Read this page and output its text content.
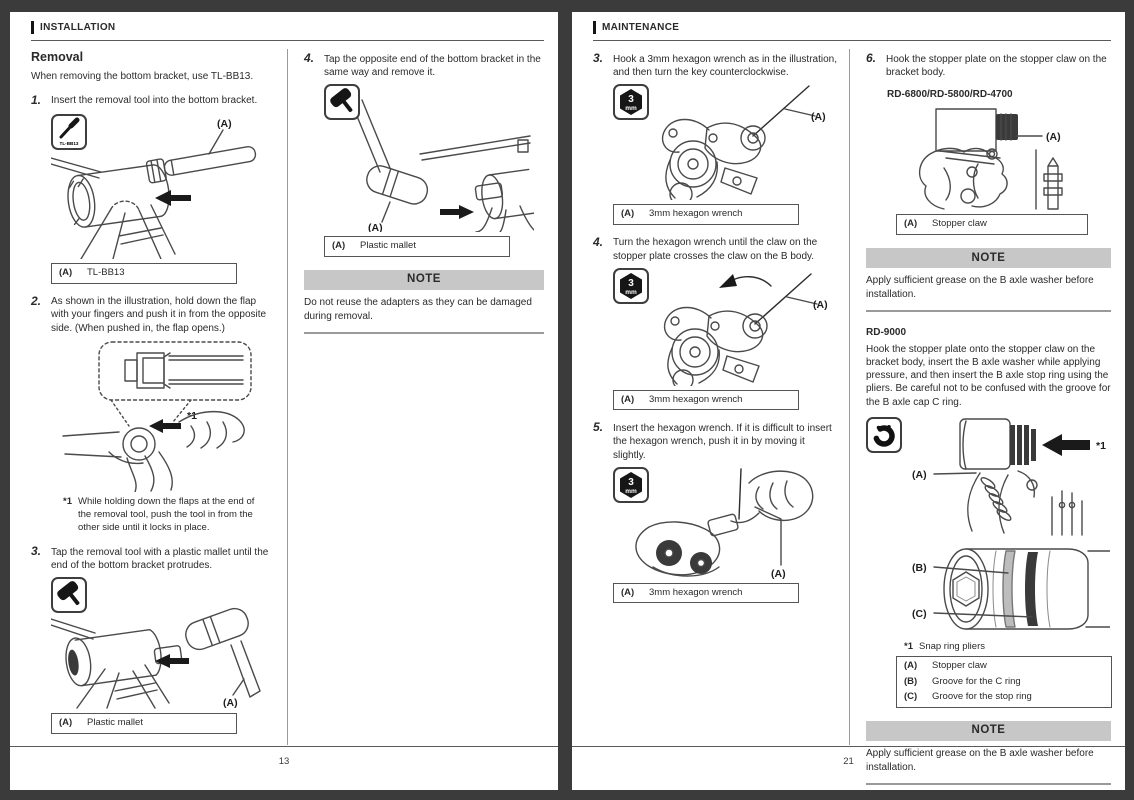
INSTALLATION
Removal
When removing the bottom bracket, use TL-BB13.
1. Insert the removal tool into the bottom bracket.
TL-BB13
(A)
(A)	TL-BB13
2. As shown in the illustration, hold down the flap with your fingers and push it in from the opposite side. (When pushed in, the flap opens.)
*1
*1 While holding down the flaps at the end of the removal tool, push the tool in from the other side until it locks in place.
3. Tap the removal tool with a plastic mallet until the end of the bottom bracket protrudes.
(A)
(A)	Plastic mallet
4. Tap the opposite end of the bottom bracket in the same way and remove it.
(A)
(A)	Plastic mallet
NOTE
Do not reuse the adapters as they can be damaged during removal.
13
MAINTENANCE
3. Hook a 3mm hexagon wrench as in the illustration, and then turn the key counterclockwise.
3
mm
(A)
(A)	3mm hexagon wrench
4. Turn the hexagon wrench until the claw on the stopper plate crosses the claw on the B body.
3
mm
(A)
(A)	3mm hexagon wrench
5. Insert the hexagon wrench. If it is difficult to insert the hexagon wrench, push it in by moving it slightly.
3
mm
(A)
(A)	3mm hexagon wrench
6. Hook the stopper plate on the stopper claw on the bracket body.
RD-6800/RD-5800/RD-4700
(A)
(A)	Stopper claw
NOTE
Apply sufficient grease on the B axle washer before installation.
RD-9000
Hook the stopper plate onto the stopper claw on the bracket body, insert the B axle washer while applying pressure, and then insert the B axle stop ring using the pliers. Be careful not to be confused with the groove for the B axle cap C ring.
*1
(A)
(B)
(C)
*1 Snap ring pliers
(A)	Stopper claw
(B)	Groove for the C ring
(C)	Groove for the stop ring
NOTE
Apply sufficient grease on the B axle washer before installation.
21
